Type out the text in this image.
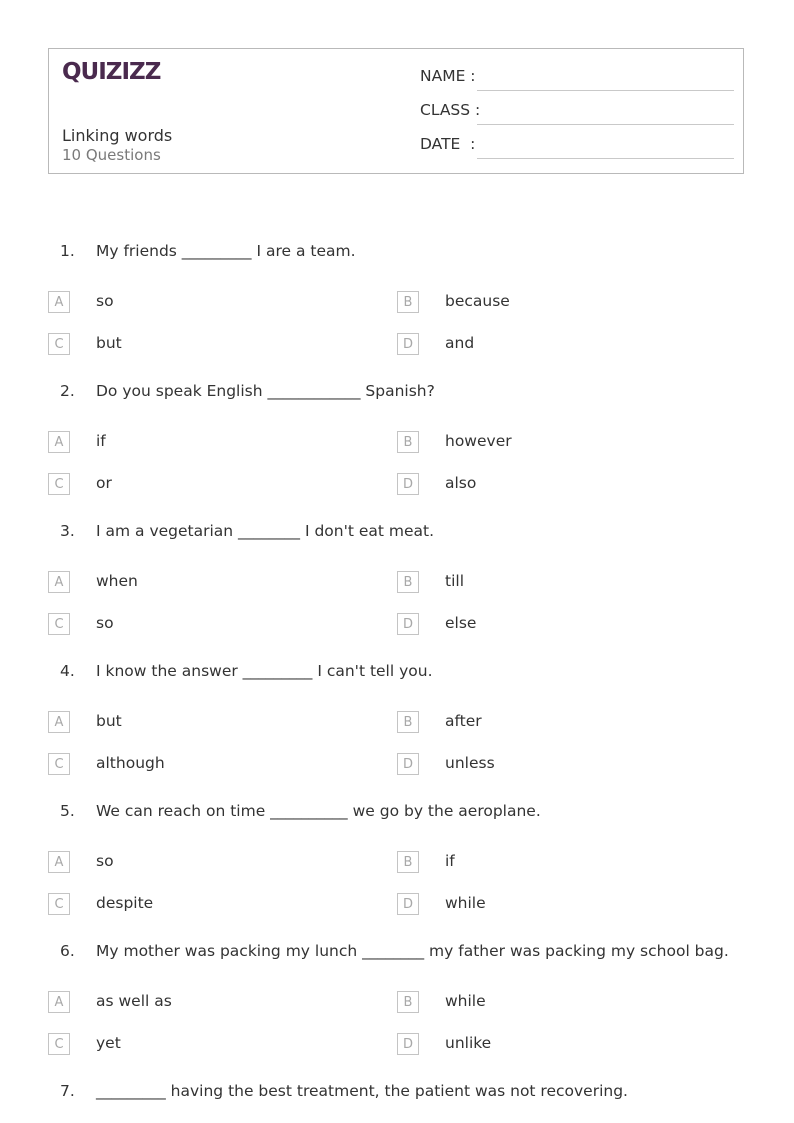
QUIZIZZ
Linking words
10 Questions
NAME :
CLASS :
DATE  :
1. My friends _________ I are a team.
A	so	B	because
C	but	D	and
2. Do you speak English ____________ Spanish?
A	if	B	however
C	or	D	also
3. I am a vegetarian ________ I don't eat meat.
A	when	B	till
C	so	D	else
4. I know the answer _________ I can't tell you.
A	but	B	after
C	although	D	unless
5. We can reach on time __________ we go by the aeroplane.
A	so	B	if
C	despite	D	while
6. My mother was packing my lunch ________ my father was packing my school bag.
A	as well as	B	while
C	yet	D	unlike
7. _________ having the best treatment, the patient was not recovering.
